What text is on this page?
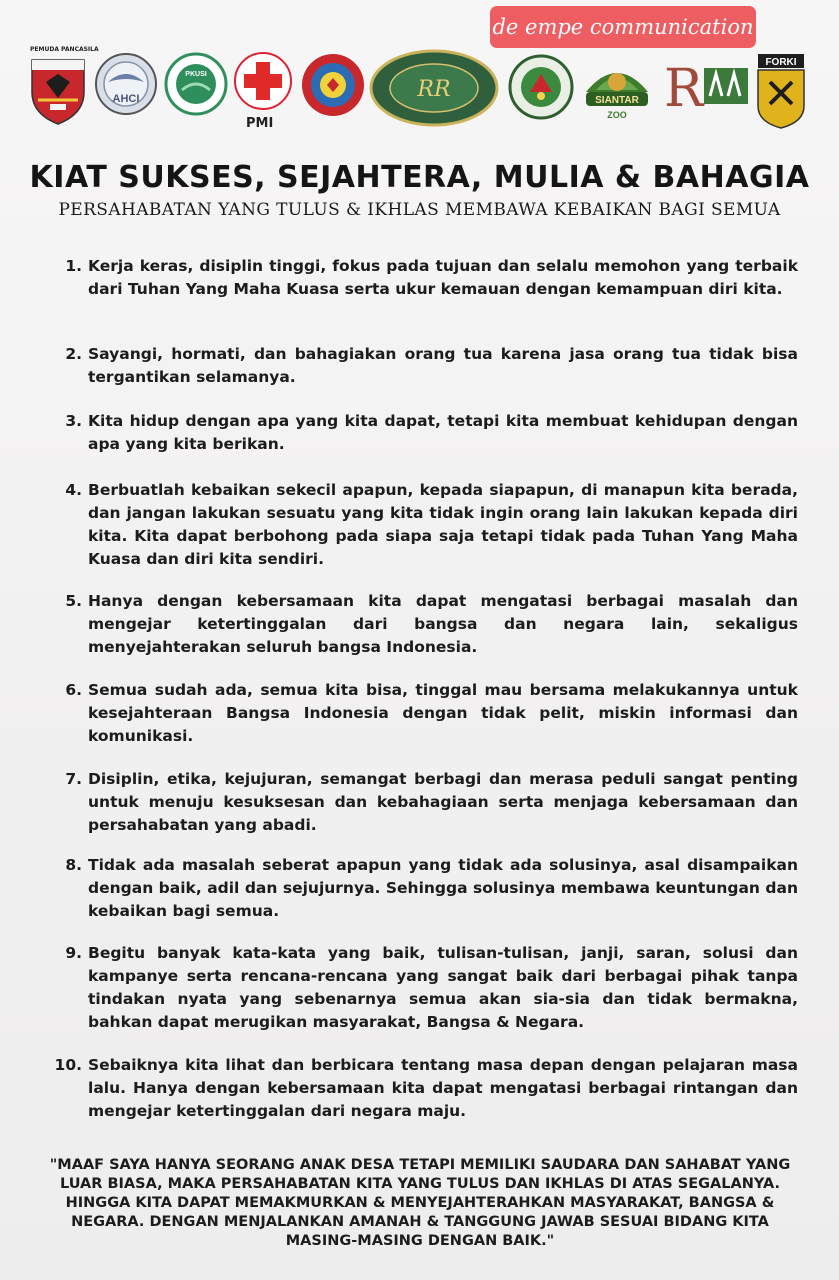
de empe communication
PEMUDA PANCASILA
AHCI
PKUSI
PMI
RR	SIANTAR
ZOO R	FORKI
KIAT SUKSES, SEJAHTERA, MULIA & BAHAGIA
PERSAHABATAN YANG TULUS & IKHLAS MEMBAWA KEBAIKAN BAGI SEMUA
1. Kerja keras, disiplin tinggi, fokus pada tujuan dan selalu memohon yang terbaik dari Tuhan Yang Maha Kuasa serta ukur kemauan dengan kemampuan diri kita.
2. Sayangi, hormati, dan bahagiakan orang tua karena jasa orang tua tidak bisa tergantikan selamanya.
3. Kita hidup dengan apa yang kita dapat, tetapi kita membuat kehidupan dengan apa yang kita berikan.
4. Berbuatlah kebaikan sekecil apapun, kepada siapapun, di manapun kita berada, dan jangan lakukan sesuatu yang kita tidak ingin orang lain lakukan kepada diri kita. Kita dapat berbohong pada siapa saja tetapi tidak pada Tuhan Yang Maha Kuasa dan diri kita sendiri.
5. Hanya dengan kebersamaan kita dapat mengatasi berbagai masalah dan mengejar ketertinggalan dari bangsa dan negara lain, sekaligus menyejahterakan seluruh bangsa Indonesia.
6. Semua sudah ada, semua kita bisa, tinggal mau bersama melakukannya untuk kesejahteraan Bangsa Indonesia dengan tidak pelit, miskin informasi dan komunikasi.
7. Disiplin, etika, kejujuran, semangat berbagi dan merasa peduli sangat penting untuk menuju kesuksesan dan kebahagiaan serta menjaga kebersamaan dan persahabatan yang abadi.
8. Tidak ada masalah seberat apapun yang tidak ada solusinya, asal disampaikan dengan baik, adil dan sejujurnya. Sehingga solusinya membawa keuntungan dan kebaikan bagi semua.
9. Begitu banyak kata-kata yang baik, tulisan-tulisan, janji, saran, solusi dan kampanye serta rencana-rencana yang sangat baik dari berbagai pihak tanpa tindakan nyata yang sebenarnya semua akan sia-sia dan tidak bermakna, bahkan dapat merugikan masyarakat, Bangsa & Negara.
10. Sebaiknya kita lihat dan berbicara tentang masa depan dengan pelajaran masa lalu. Hanya dengan kebersamaan kita dapat mengatasi berbagai rintangan dan mengejar ketertinggalan dari negara maju.
"MAAF SAYA HANYA SEORANG ANAK DESA TETAPI MEMILIKI SAUDARA DAN SAHABAT YANG LUAR BIASA, MAKA PERSAHABATAN KITA YANG TULUS DAN IKHLAS DI ATAS SEGALANYA. HINGGA KITA DAPAT MEMAKMURKAN & MENYEJAHTERAHKAN MASYARAKAT, BANGSA & NEGARA. DENGAN MENJALANKAN AMANAH & TANGGUNG JAWAB SESUAI BIDANG KITA MASING-MASING DENGAN BAIK."
